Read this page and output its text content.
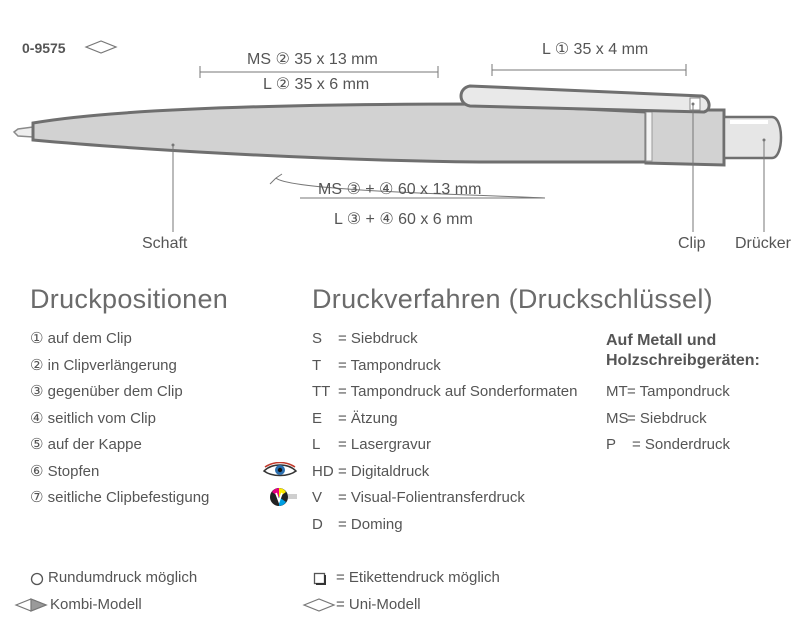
0-9575
MS ② 35 x 13 mm
L ② 35 x 6 mm
L ① 35 x 4 mm
MS ③ + ④ 60 x 13 mm
L ③ + ④ 60 x 6 mm
Schaft	Clip Drücker
Druckpositionen
① auf dem Clip
② in Clipverlängerung
③ gegenüber dem Clip
④ seitlich vom Clip
⑤ auf der Kappe
⑥ Stopfen
⑦ seitliche Clipbefestigung
Druckverfahren (Druckschlüssel)
S = Siebdruck
T = Tampondruck
TT = Tampondruck auf Sonderformaten
E = Ätzung
L = Lasergravur
HD = Digitaldruck
V = Visual-Folientransferdruck
D = Doming
Auf Metall und
Holzschreibgeräten:
MT= Tampondruck
MS= Siebdruck
P = Sonderdruck
Rundumdruck möglich
Kombi-Modell
= Etikettendruck möglich
= Uni-Modell
